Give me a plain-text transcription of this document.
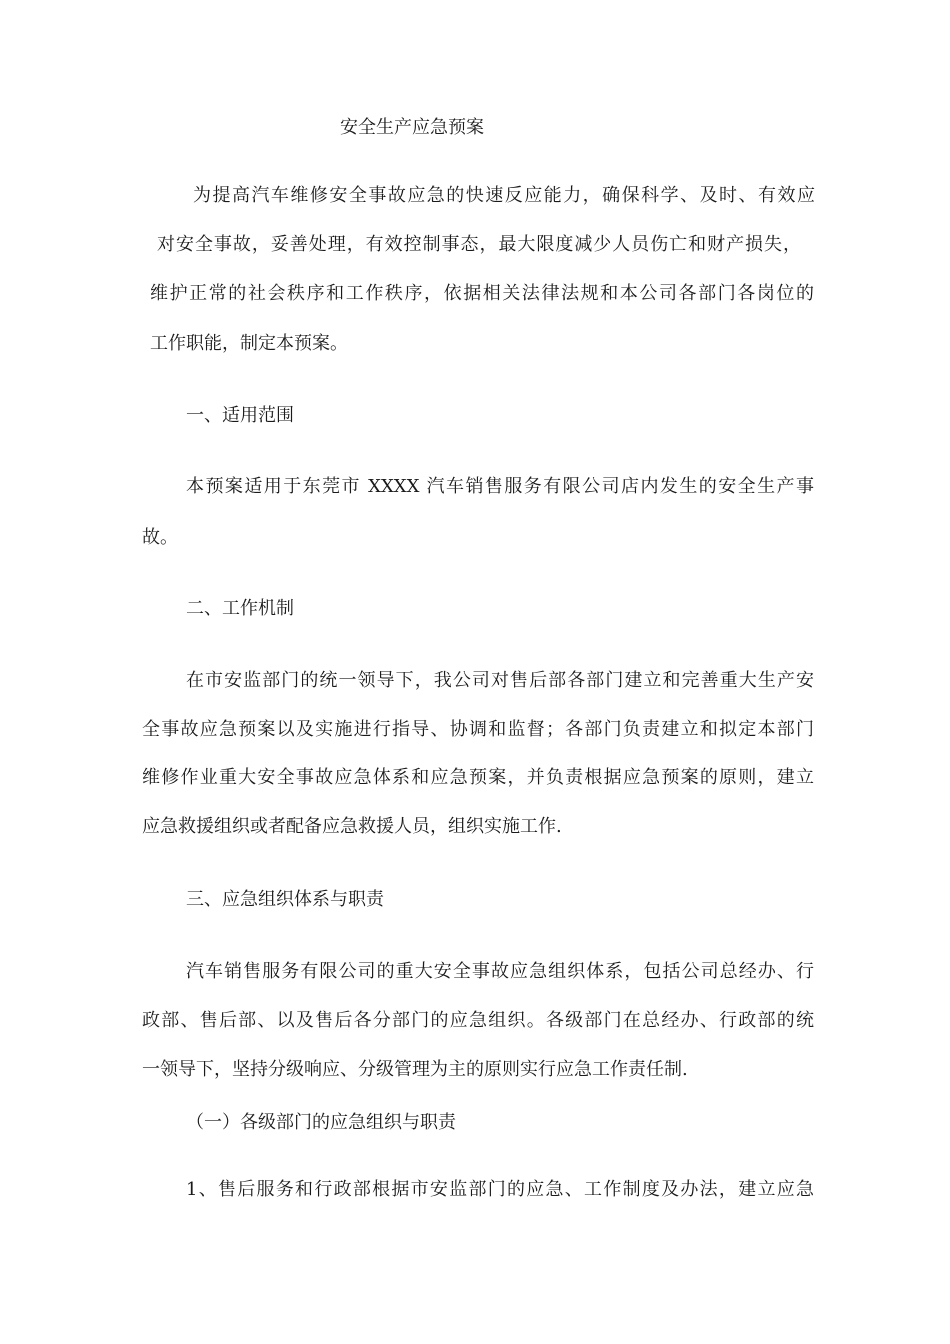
安全生产应急预案

为提高汽车维修安全事故应急的快速反应能力，确保科学、及时、有效应

对安全事故，妥善处理，有效控制事态，最大限度减少人员伤亡和财产损失，

维护正常的社会秩序和工作秩序，依据相关法律法规和本公司各部门各岗位的

工作职能，制定本预案。

一、适用范围

本预案适用于东莞市 XXXX 汽车销售服务有限公司店内发生的安全生产事

故。

二、工作机制

在市安监部门的统一领导下，我公司对售后部各部门建立和完善重大生产安

全事故应急预案以及实施进行指导、协调和监督；各部门负责建立和拟定本部门

维修作业重大安全事故应急体系和应急预案，并负责根据应急预案的原则，建立

应急救援组织或者配备应急救援人员，组织实施工作.

三、应急组织体系与职责

汽车销售服务有限公司的重大安全事故应急组织体系，包括公司总经办、行

政部、售后部、以及售后各分部门的应急组织。各级部门在总经办、行政部的统

一领导下，坚持分级响应、分级管理为主的原则实行应急工作责任制.

（一）各级部门的应急组织与职责

1、售后服务和行政部根据市安监部门的应急、工作制度及办法，建立应急
